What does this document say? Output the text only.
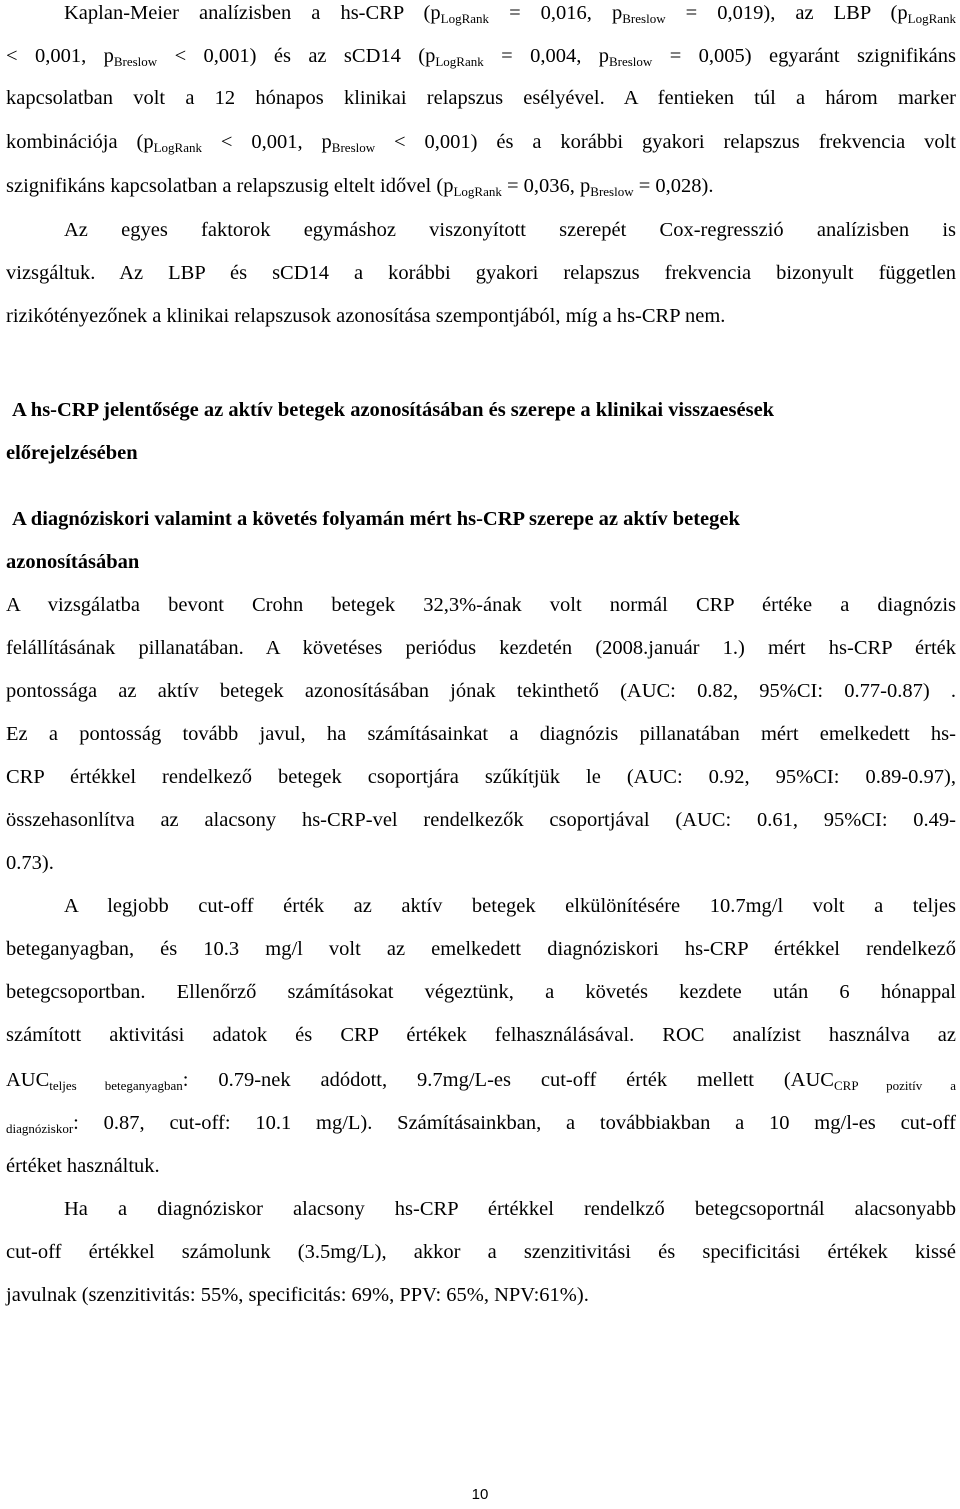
Kaplan-Meier analízisben a hs-CRP ($p_{LogRank} = 0,016$, $p_{Breslow} = 0,019$), az LBP ($p_{LogRank}$
< 0,001, $p_{Breslow} < 0,001$) és az sCD14 ($p_{LogRank} = 0,004$, $p_{Breslow} = 0,005$) egyaránt szignifikáns
kapcsolatban volt a 12 hónapos klinikai relapszus esélyével. A fentieken túl a három marker
kombinációja ($p_{LogRank} < 0,001$, $p_{Breslow} < 0,001$) és a korábbi gyakori relapszus frekvencia volt
szignifikáns kapcsolatban a relapszusig eltelt idővel ($p_{LogRank} = 0,036$, $p_{Breslow} = 0,028$).
Az egyes faktorok egymáshoz viszonyított szerepét Cox-regresszió analízisben is
vizsgáltuk. Az LBP és sCD14 a korábbi gyakori relapszus frekvencia bizonyult független
rizikótényezőnek a klinikai relapszusok azonosítása szempontjából, míg a hs-CRP nem.
A hs-CRP jelentősége az aktív betegek azonosításában és szerepe a klinikai visszaesések
előrejelzésében
A diagnóziskori valamint a követés folyamán mért hs-CRP szerepe az aktív betegek
azonosításában
A vizsgálatba bevont Crohn betegek 32,3%-ának volt normál CRP értéke a diagnózis
felállításának pillanatában. A követéses periódus kezdetén (2008.január 1.) mért hs-CRP érték
pontossága az aktív betegek azonosításában jónak tekinthető (AUC: 0.82, 95%CI: 0.77-0.87) .
Ez a pontosság tovább javul, ha számításainkat a diagnózis pillanatában mért emelkedett hs-
CRP értékkel rendelkező betegek csoportjára szűkítjük le (AUC: 0.92, 95%CI: 0.89-0.97),
összehasonlítva az alacsony hs-CRP-vel rendelkezők csoportjával (AUC: 0.61, 95%CI: 0.49-
0.73).
A legjobb cut-off érték az aktív betegek elkülönítésére 10.7mg/l volt a teljes
beteganyagban, és 10.3 mg/l volt az emelkedett diagnóziskori hs-CRP értékkel rendelkező
betegcsoportban. Ellenőrző számításokat végeztünk, a követés kezdete után 6 hónappal
számított aktivitási adatok és CRP értékek felhasználásával. ROC analízist használva az
$AUC_{teljes beteganyagban}$: 0.79-nek adódott, 9.7mg/L-es cut-off érték mellett ($AUC_{CRP pozitív a}$
$_{diagnóziskor}$: 0.87, cut-off: 10.1 mg/L). Számításainkban, a továbbiakban a 10 mg/l-es cut-off
értéket használtuk.
Ha a diagnóziskor alacsony hs-CRP értékkel rendelkző betegcsoportnál alacsonyabb
cut-off értékkel számolunk (3.5mg/L), akkor a szenzitivitási és specificitási értékek kissé
javulnak (szenzitivitás: 55%, specificitás: 69%, PPV: 65%, NPV:61%).
10
